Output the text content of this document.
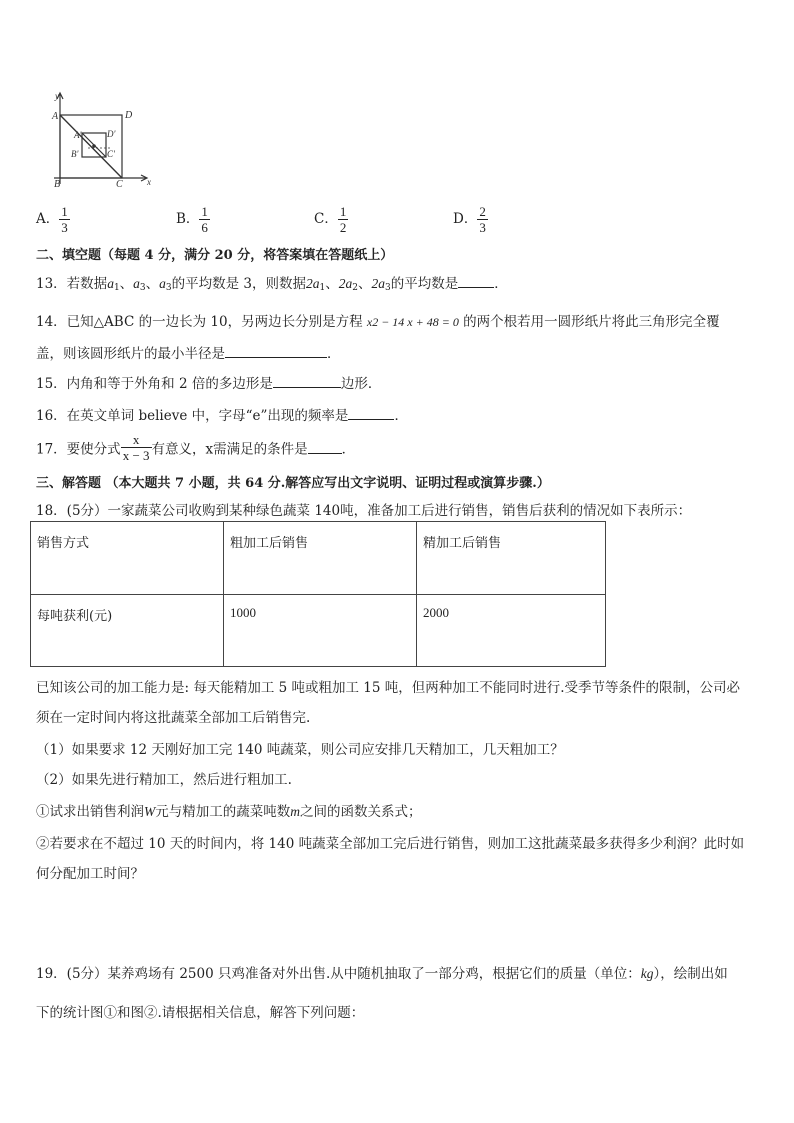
y
x
A	D
A'	D'
B'	C'
B	C
A． $\frac{1}{3}$	B． $\frac{1}{6}$	C． $\frac{1}{2}$	D． $\frac{2}{3}$
二、填空题（每题 4 分，满分 20 分，将答案填在答题纸上）
13．若数据$a_1$、$a_3$、$a_3$的平均数是 3，则数据$2a_1$、$2a_2$、$2a_3$的平均数是	．
14．已知△ABC 的一边长为 10，另两边长分别是方程 x2 − 14 x + 48 = 0 的两个根若用一圆形纸片将此三角形完全覆
盖，则该圆形纸片的最小半径是	．
15．内角和等于外角和 2 倍的多边形是	边形．
16．在英文单词 believe 中，字母“e”出现的频率是	．
17．要使分式 $\frac{x}{x - 3}$ 有意义，x需满足的条件是	．
三、解答题 （本大题共 7 小题，共 64 分.解答应写出文字说明、证明过程或演算步骤.）
18．(5分）一家蔬菜公司收购到某种绿色蔬菜 140吨，准备加工后进行销售，销售后获利的情况如下表所示：
销售方式	粗加工后销售	精加工后销售
每吨获利(元)	1000	2000
已知该公司的加工能力是: 每天能精加工 5 吨或粗加工 15 吨，但两种加工不能同时进行.受季节等条件的限制，公司必
须在一定时间内将这批蔬菜全部加工后销售完.
（1）如果要求 12 天刚好加工完 140 吨蔬菜，则公司应安排几天精加工，几天粗加工？
（2）如果先进行精加工，然后进行粗加工.
①试求出销售利润W元与精加工的蔬菜吨数m之间的函数关系式；
②若要求在不超过 10 天的时间内，将 140 吨蔬菜全部加工完后进行销售，则加工这批蔬菜最多获得多少利润？此时如
何分配加工时间？
19．(5分）某养鸡场有 2500 只鸡准备对外出售.从中随机抽取了一部分鸡，根据它们的质量（单位：kg），绘制出如
下的统计图①和图②.请根据相关信息，解答下列问题：
